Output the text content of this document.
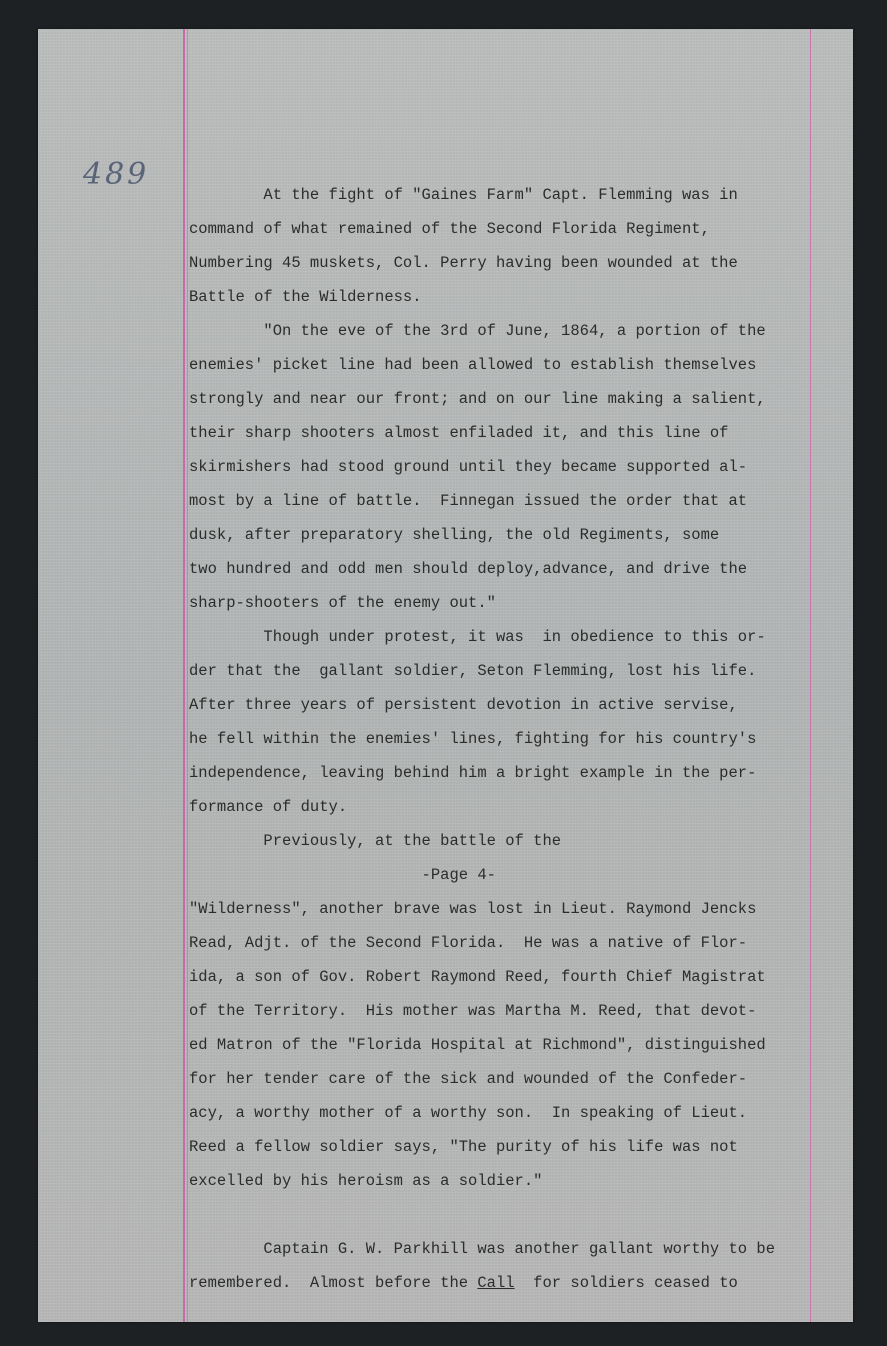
489
At the fight of "Gaines Farm" Capt. Flemming was in
command of what remained of the Second Florida Regiment,
Numbering 45 muskets, Col. Perry having been wounded at the
Battle of the Wilderness.
"On the eve of the 3rd of June, 1864, a portion of the
enemies' picket line had been allowed to establish themselves
strongly and near our front; and on our line making a salient,
their sharp shooters almost enfiladed it, and this line of
skirmishers had stood ground until they became supported al-
most by a line of battle.  Finnegan issued the order that at
dusk, after preparatory shelling, the old Regiments, some
two hundred and odd men should deploy,advance, and drive the
sharp-shooters of the enemy out."
Though under protest, it was  in obedience to this or-
der that the  gallant soldier, Seton Flemming, lost his life.
After three years of persistent devotion in active servise,
he fell within the enemies' lines, fighting for his country's
independence, leaving behind him a bright example in the per-
formance of duty.
Previously, at the battle of the
-Page 4-
"Wilderness", another brave was lost in Lieut. Raymond Jencks
Read, Adjt. of the Second Florida.  He was a native of Flor-
ida, a son of Gov. Robert Raymond Reed, fourth Chief Magistrat
of the Territory.  His mother was Martha M. Reed, that devot-
ed Matron of the "Florida Hospital at Richmond", distinguished
for her tender care of the sick and wounded of the Confeder-
acy, a worthy mother of a worthy son.  In speaking of Lieut.
Reed a fellow soldier says, "The purity of his life was not
excelled by his heroism as a soldier."
Captain G. W. Parkhill was another gallant worthy to be
remembered.  Almost before the Call  for soldiers ceased to
